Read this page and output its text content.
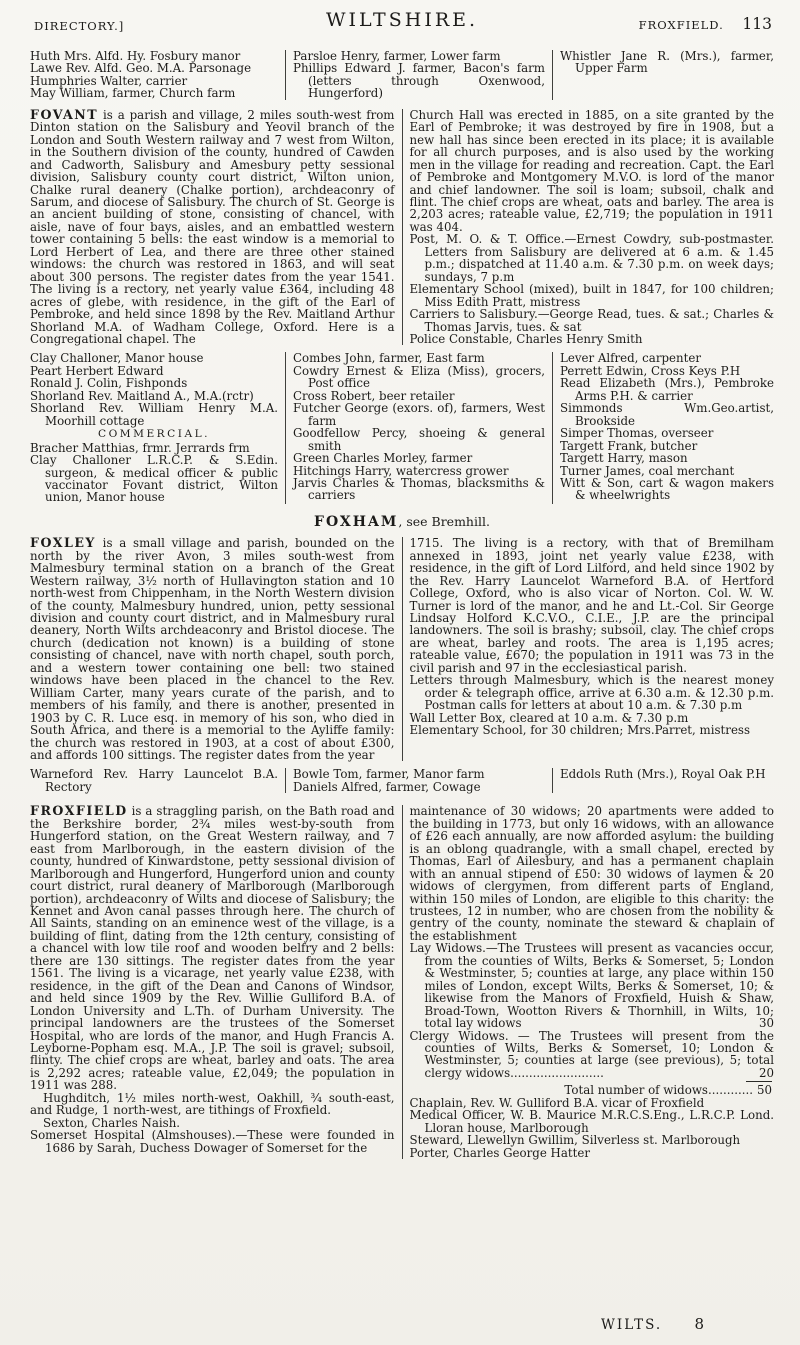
DIRECTORY.]	WILTSHIRE.	FROXFIELD. 113

Huth Mrs. Alfd. Hy. Fosbury manor

Lawe Rev. Alfd. Geo. M.A. Parsonage

Humphries Walter, carrier

May William, farmer, Church farm

Parsloe Henry, farmer, Lower farm

Phillips Edward J. farmer, Bacon's farm (letters through Oxenwood, Hungerford)

Whistler Jane R. (Mrs.), farmer, Upper Farm

FOVANT is a parish and village, 2 miles south-west from Dinton station on the Salisbury and Yeovil branch of the London and South Western railway and 7 west from Wilton, in the Southern division of the county, hundred of Cawden and Cadworth, Salisbury and Amesbury petty sessional division, Salisbury county court district, Wilton union, Chalke rural deanery (Chalke portion), archdeaconry of Sarum, and diocese of Salisbury. The church of St. George is an ancient building of stone, consisting of chancel, with aisle, nave of four bays, aisles, and an embattled western tower containing 5 bells: the east window is a memorial to Lord Herbert of Lea, and there are three other stained windows: the church was restored in 1863, and will seat about 300 persons. The register dates from the year 1541. The living is a rectory, net yearly value £364, including 48 acres of glebe, with residence, in the gift of the Earl of Pembroke, and held since 1898 by the Rev. Maitland Arthur Shorland M.A. of Wadham College, Oxford. Here is a Congregational chapel. The

Church Hall was erected in 1885, on a site granted by the Earl of Pembroke; it was destroyed by fire in 1908, but a new hall has since been erected in its place; it is available for all church purposes, and is also used by the working men in the village for reading and recreation. Capt. the Earl of Pembroke and Montgomery M.V.O. is lord of the manor and chief landowner. The soil is loam; subsoil, chalk and flint. The chief crops are wheat, oats and barley. The area is 2,203 acres; rateable value, £2,719; the population in 1911 was 404.

Post, M. O. & T. Office.—Ernest Cowdry, sub-postmaster. Letters from Salisbury are delivered at 6 a.m. & 1.45 p.m.; dispatched at 11.40 a.m. & 7.30 p.m. on week days; sundays, 7 p.m

Elementary School (mixed), built in 1847, for 100 children; Miss Edith Pratt, mistress

Carriers to Salisbury.—George Read, tues. & sat.; Charles & Thomas Jarvis, tues. & sat

Police Constable, Charles Henry Smith

Clay Challoner, Manor house

Peart Herbert Edward

Ronald J. Colin, Fishponds

Shorland Rev. Maitland A., M.A.(rctr)

Shorland Rev. William Henry M.A. Moorhill cottage

COMMERCIAL.

Bracher Matthias, frmr. Jerrards frm

Clay Challoner L.R.C.P. & S.Edin. surgeon, & medical officer & public vaccinator Fovant district, Wilton union, Manor house

Combes John, farmer, East farm

Cowdry Ernest & Eliza (Miss), grocers, Post office

Cross Robert, beer retailer

Futcher George (exors. of), farmers, West farm

Goodfellow Percy, shoeing & general smith

Green Charles Morley, farmer

Hitchings Harry, watercress grower

Jarvis Charles & Thomas, blacksmiths & carriers

Lever Alfred, carpenter

Perrett Edwin, Cross Keys P.H

Read Elizabeth (Mrs.), Pembroke Arms P.H. & carrier

Simmonds Wm.Geo.artist, Brookside

Simper Thomas, overseer

Targett Frank, butcher

Targett Harry, mason

Turner James, coal merchant

Witt & Son, cart & wagon makers & wheelwrights

FOXHAM, see Bremhill.

FOXLEY is a small village and parish, bounded on the north by the river Avon, 3 miles south-west from Malmesbury terminal station on a branch of the Great Western railway, 3½ north of Hullavington station and 10 north-west from Chippenham, in the North Western division of the county, Malmesbury hundred, union, petty sessional division and county court district, and in Malmesbury rural deanery, North Wilts archdeaconry and Bristol diocese. The church (dedication not known) is a building of stone consisting of chancel, nave with north chapel, south porch, and a western tower containing one bell: two stained windows have been placed in the chancel to the Rev. William Carter, many years curate of the parish, and to members of his family, and there is another, presented in 1903 by C. R. Luce esq. in memory of his son, who died in South Africa, and there is a memorial to the Ayliffe family: the church was restored in 1903, at a cost of about £300, and affords 100 sittings. The register dates from the year

1715. The living is a rectory, with that of Bremilham annexed in 1893, joint net yearly value £238, with residence, in the gift of Lord Lilford, and held since 1902 by the Rev. Harry Launcelot Warneford B.A. of Hertford College, Oxford, who is also vicar of Norton. Col. W. W. Turner is lord of the manor, and he and Lt.-Col. Sir George Lindsay Holford K.C.V.O., C.I.E., J.P. are the principal landowners. The soil is brashy; subsoil, clay. The chief crops are wheat, barley and roots. The area is 1,195 acres; rateable value, £670; the population in 1911 was 73 in the civil parish and 97 in the ecclesiastical parish.

Letters through Malmesbury, which is the nearest money order & telegraph office, arrive at 6.30 a.m. & 12.30 p.m. Postman calls for letters at about 10 a.m. & 7.30 p.m

Wall Letter Box, cleared at 10 a.m. & 7.30 p.m

Elementary School, for 30 children; Mrs.Parret, mistress

Warneford Rev. Harry Launcelot B.A. Rectory

Bowle Tom, farmer, Manor farm

Daniels Alfred, farmer, Cowage

Eddols Ruth (Mrs.), Royal Oak P.H

FROXFIELD is a straggling parish, on the Bath road and the Berkshire border, 2¾ miles west-by-south from Hungerford station, on the Great Western railway, and 7 east from Marlborough, in the eastern division of the county, hundred of Kinwardstone, petty sessional division of Marlborough and Hungerford, Hungerford union and county court district, rural deanery of Marlborough (Marlborough portion), archdeaconry of Wilts and diocese of Salisbury; the Kennet and Avon canal passes through here. The church of All Saints, standing on an eminence west of the village, is a building of flint, dating from the 12th century, consisting of a chancel with low tile roof and wooden belfry and 2 bells: there are 130 sittings. The register dates from the year 1561. The living is a vicarage, net yearly value £238, with residence, in the gift of the Dean and Canons of Windsor, and held since 1909 by the Rev. Willie Gulliford B.A. of London University and L.Th. of Durham University. The principal landowners are the trustees of the Somerset Hospital, who are lords of the manor, and Hugh Francis A. Leyborne-Popham esq. M.A., J.P. The soil is gravel; subsoil, flinty. The chief crops are wheat, barley and oats. The area is 2,292 acres; rateable value, £2,049; the population in 1911 was 288.

Hughditch, 1½ miles north-west, Oakhill, ¾ south-east, and Rudge, 1 north-west, are tithings of Froxfield.

Sexton, Charles Naish.

Somerset Hospital (Almshouses).—These were founded in 1686 by Sarah, Duchess Dowager of Somerset for the

maintenance of 30 widows; 20 apartments were added to the building in 1773, but only 16 widows, with an allowance of £26 each annually, are now afforded asylum: the building is an oblong quadrangle, with a small chapel, erected by Thomas, Earl of Ailesbury, and has a permanent chaplain with an annual stipend of £50: 30 widows of laymen & 20 widows of clergymen, from different parts of England, within 150 miles of London, are eligible to this charity: the trustees, 12 in number, who are chosen from the nobility & gentry of the county, nominate the steward & chaplain of the establishment

Lay Widows.—The Trustees will present as vacancies occur, from the counties of Wilts, Berks & Somerset, 5; London & Westminster, 5; counties at large, any place within 150 miles of London, except Wilts, Berks & Somerset, 10; & likewise from the Manors of Froxfield, Huish & Shaw, Broad-Town, Wootton Rivers & Thornhill, in Wilts, 10; total lay widows	30

Clergy Widows. — The Trustees will present from the counties of Wilts, Berks & Somerset, 10; London & Westminster, 5; counties at large (see previous), 5; total clergy widows.........................	20

Total number of widows............ 50

Chaplain, Rev. W. Gulliford B.A. vicar of Froxfield

Medical Officer, W. B. Maurice M.R.C.S.Eng., L.R.C.P. Lond. Lloran house, Marlborough

Steward, Llewellyn Gwillim, Silverless st. Marlborough

Porter, Charles George Hatter

WILTS. 8
